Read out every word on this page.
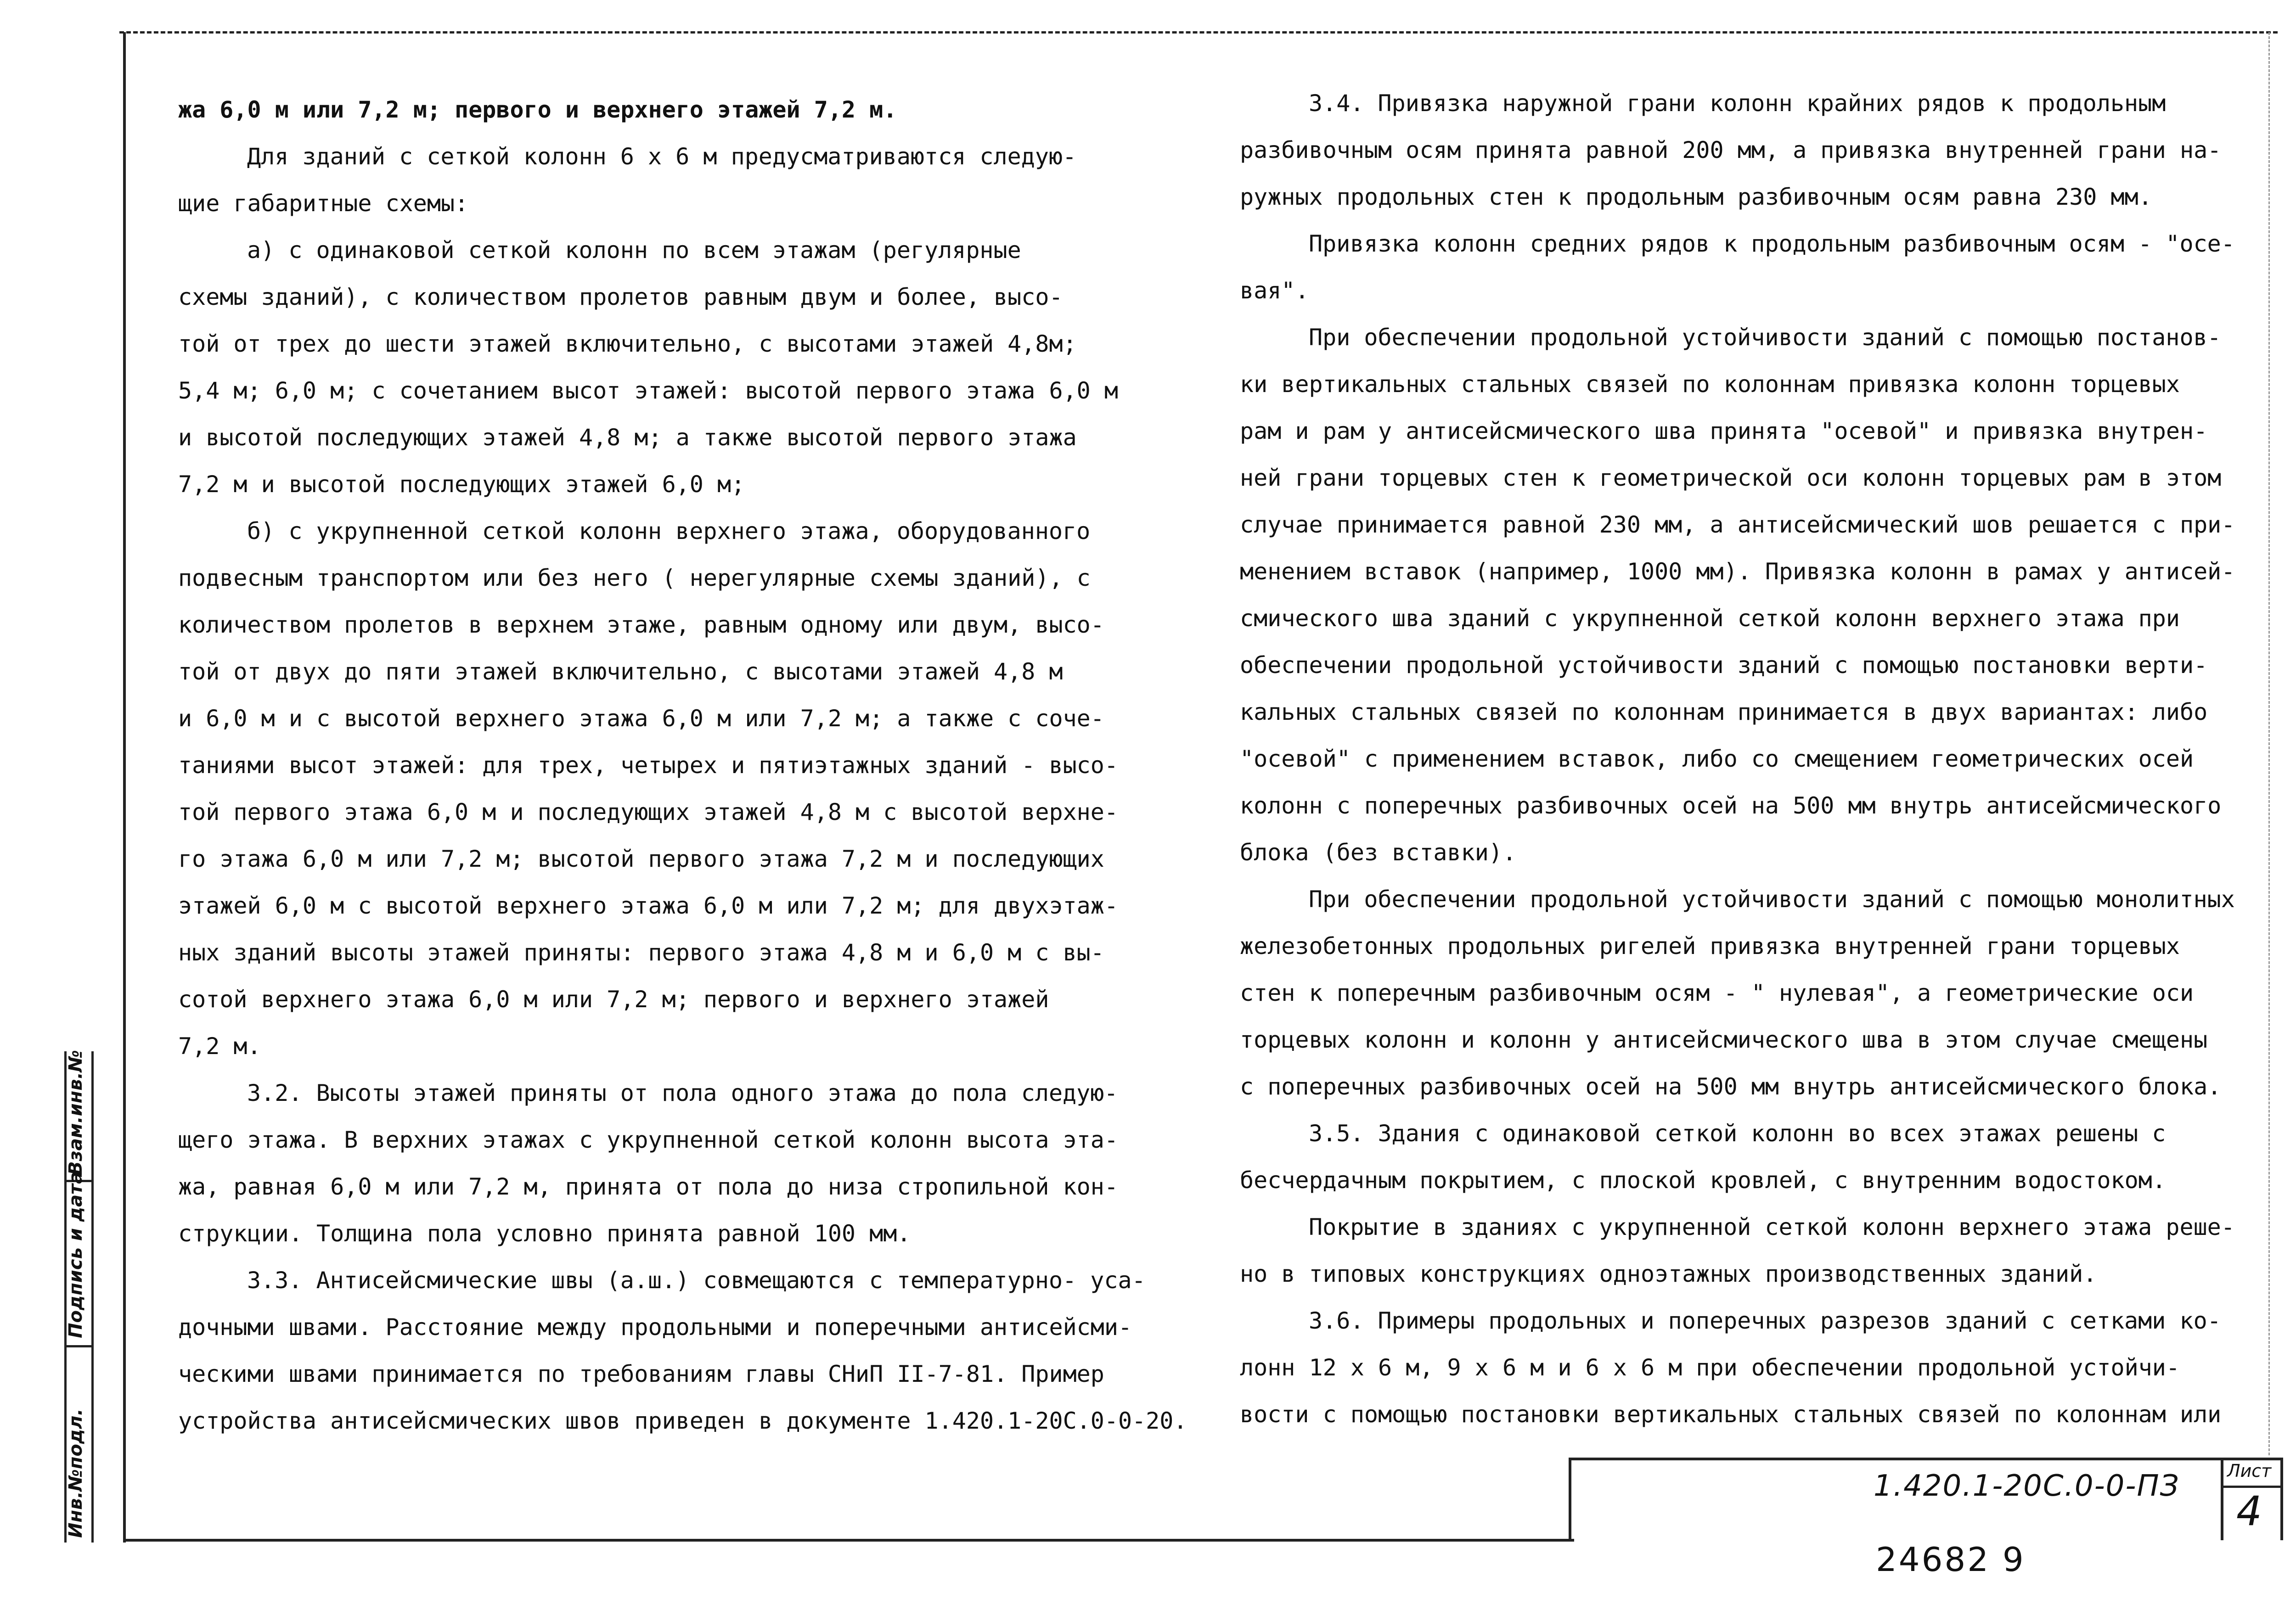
жа 6,0 м или 7,2 м; первого и верхнего этажей 7,2 м.

Для зданий с сеткой колонн 6 х 6 м предусматриваются следую-

щие габаритные схемы:

а) с одинаковой сеткой колонн по всем этажам (регулярные

схемы зданий), с количеством пролетов равным двум и более, высо-

той от трех до шести этажей включительно, с высотами этажей 4,8м;

5,4 м; 6,0 м; с сочетанием высот этажей: высотой первого этажа 6,0 м

и высотой последующих этажей 4,8 м; а также высотой первого этажа

7,2 м и высотой последующих этажей 6,0 м;

б) с укрупненной сеткой колонн верхнего этажа, оборудованного

подвесным транспортом или без него ( нерегулярные схемы зданий), с

количеством пролетов в верхнем этаже, равным одному или двум, высо-

той от двух до пяти этажей включительно, с высотами этажей 4,8 м

и 6,0 м и с высотой верхнего этажа 6,0 м или 7,2 м; а также с соче-

таниями высот этажей: для трех, четырех и пятиэтажных зданий - высо-

той первого этажа 6,0 м и последующих этажей 4,8 м с высотой верхне-

го этажа 6,0 м или 7,2 м; высотой первого этажа 7,2 м и последующих

этажей 6,0 м с высотой верхнего этажа 6,0 м или 7,2 м; для двухэтаж-

ных зданий высоты этажей приняты: первого этажа 4,8 м и 6,0 м с вы-

сотой верхнего этажа 6,0 м или 7,2 м; первого и верхнего этажей

7,2 м.

3.2. Высоты этажей приняты от пола одного этажа до пола следую-

щего этажа. В верхних этажах с укрупненной сеткой колонн высота эта-

жа, равная 6,0 м или 7,2 м, принята от пола до низа стропильной кон-

струкции. Толщина пола условно принята равной 100 мм.

3.3. Антисейсмические швы (а.ш.) совмещаются с температурно- уса-

дочными швами. Расстояние между продольными и поперечными антисейсми-

ческими швами принимается по требованиям главы СНиП II-7-81. Пример

устройства антисейсмических швов приведен в документе 1.420.1-20С.0-0-20.

3.4. Привязка наружной грани колонн крайних рядов к продольным

разбивочным осям принята равной 200 мм, а привязка внутренней грани на-

ружных продольных стен к продольным разбивочным осям равна 230 мм.

Привязка колонн средних рядов к продольным разбивочным осям - "осе-

вая".

При обеспечении продольной устойчивости зданий с помощью постанов-

ки вертикальных стальных связей по колоннам привязка колонн торцевых

рам и рам у антисейсмического шва принята "осевой" и привязка внутрен-

ней грани торцевых стен к геометрической оси колонн торцевых рам в этом

случае принимается равной 230 мм, а антисейсмический шов решается с при-

менением вставок (например, 1000 мм). Привязка колонн в рамах у антисей-

смического шва зданий с укрупненной сеткой колонн верхнего этажа при

обеспечении продольной устойчивости зданий с помощью постановки верти-

кальных стальных связей по колоннам принимается в двух вариантах: либо

"осевой" с применением вставок, либо со смещением геометрических осей

колонн с поперечных разбивочных осей на 500 мм внутрь антисейсмического

блока (без вставки).

При обеспечении продольной устойчивости зданий с помощью монолитных

железобетонных продольных ригелей привязка внутренней грани торцевых

стен к поперечным разбивочным осям - " нулевая", а геометрические оси

торцевых колонн и колонн у антисейсмического шва в этом случае смещены

с поперечных разбивочных осей на 500 мм внутрь антисейсмического блока.

3.5. Здания с одинаковой сеткой колонн во всех этажах решены с

бесчердачным покрытием, с плоской кровлей, с внутренним водостоком.

Покрытие в зданиях с укрупненной сеткой колонн верхнего этажа реше-

но в типовых конструкциях одноэтажных производственных зданий.

3.6. Примеры продольных и поперечных разрезов зданий с сетками ко-

лонн 12 х 6 м, 9 х 6 м и 6 х 6 м при обеспечении продольной устойчи-

вости с помощью постановки вертикальных стальных связей по колоннам или

1.420.1-20С.0-0-ПЗ	Лист
4
24682 9
Взам.инв.№
Подпись и дата
Инв.№подл.
